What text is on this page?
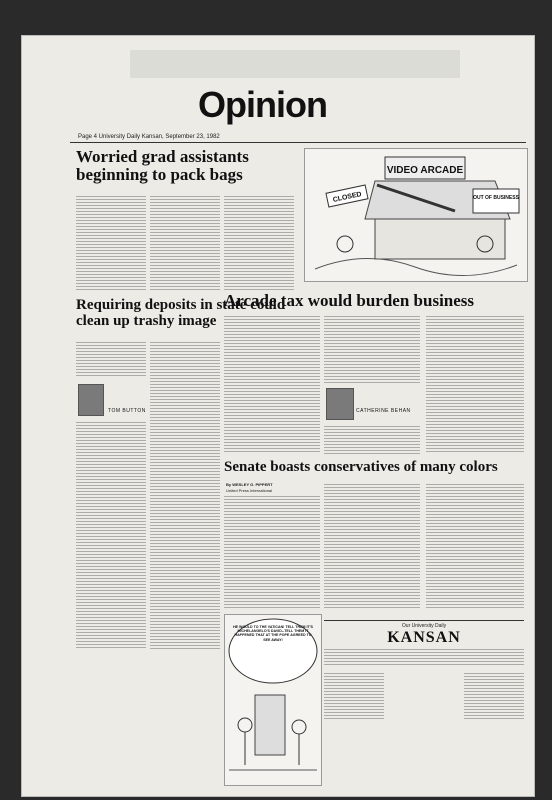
Opinion
Page 4 University Daily Kansan, September 23, 1982
Worried grad assistants beginning to pack bags	VIDEO ARCADE
CLOSED	OUT OF BUSINESS
Requiring deposits in state could clean up trashy image
TOM BUTTON
Arcade tax would burden business
CATHERINE BEHAN
Senate boasts conservatives of many colors
By WESLEY G. PIPPERT
United Press International
Our University Daily
KANSAN
HE WOULD TO THE VATICAN! TELL THEM IT'S MICHELANGELO'S DAVID--TELL THEM IT HAPPENED THAT AT THE POPE AGREED TO SEE AWAY!
